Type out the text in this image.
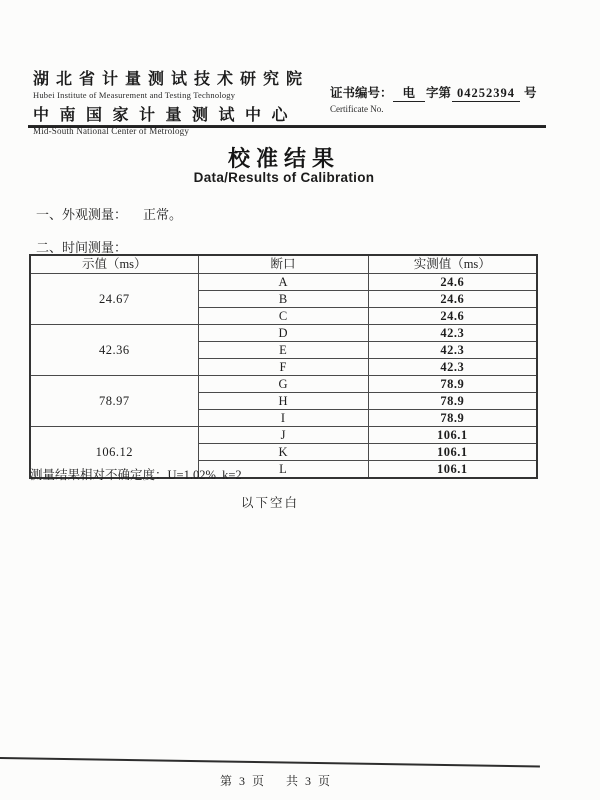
湖北省计量测试技术研究院
Hubei Institute of Measurement and Testing Technology
中南国家计量测试中心
Mid-South National Center of Metrology
证书编号： 电 字第 04252394 号
Certificate No.
校准结果
Data/Results of Calibration
一、外观测量： 正常。
二、时间测量：
示值（ms）	断口	实测值（ms）
24.67	A	24.6
	B	24.6
	C	24.6
42.36	D	42.3
	E	42.3
	F	42.3
78.97	G	78.9
	H	78.9
	I	78.9
106.12	J	106.1
	K	106.1
	L	106.1
测量结果相对不确定度：U=1.02%  k=2
以下空白
第 3 页    共 3 页
